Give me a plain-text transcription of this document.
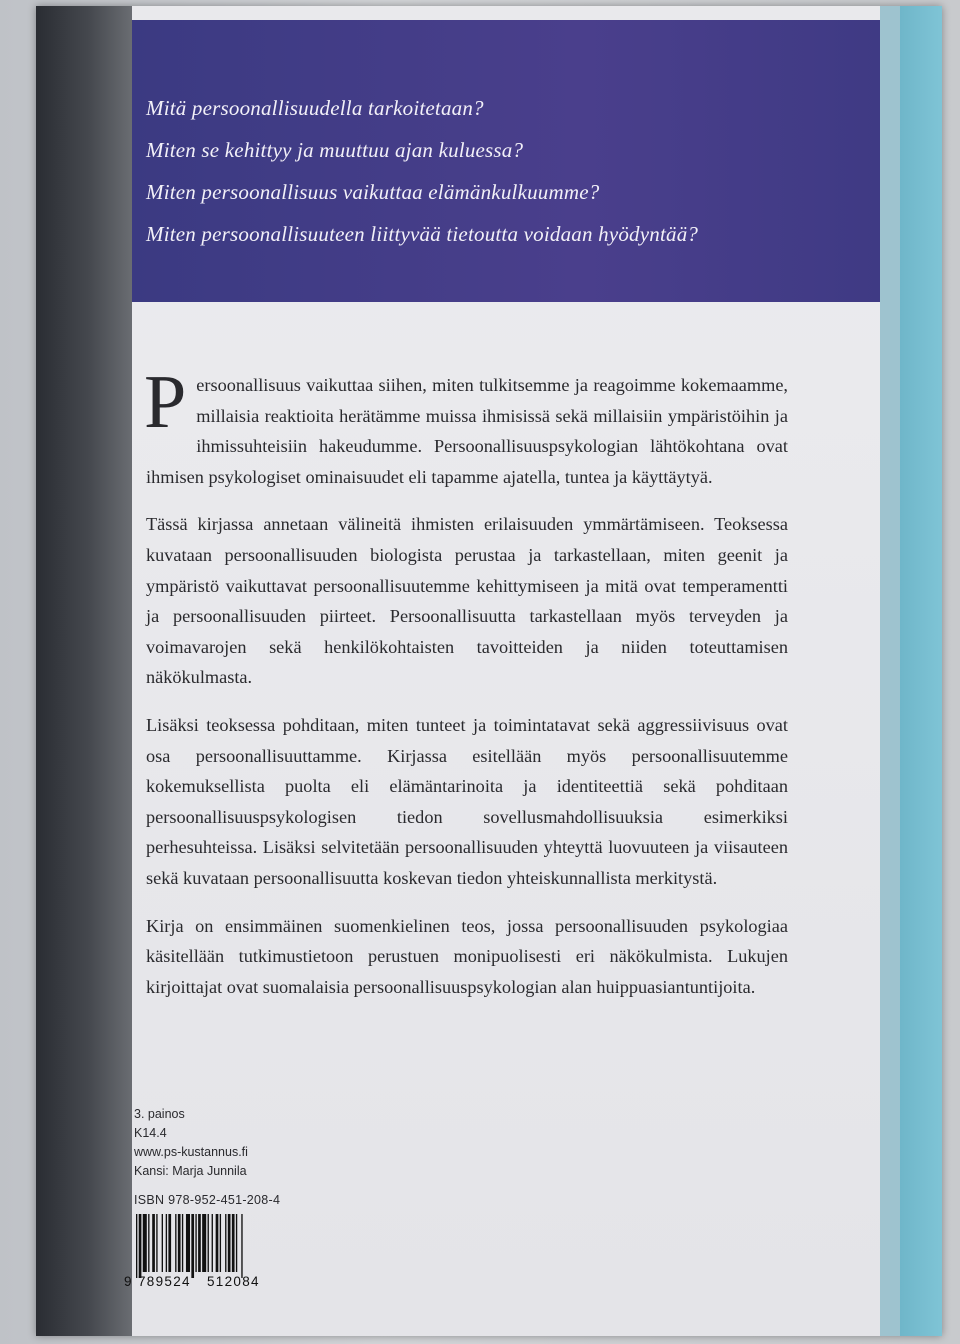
Mitä persoonallisuudella tarkoitetaan?

Miten se kehittyy ja muuttuu ajan kuluessa?

Miten persoonallisuus vaikuttaa elämänkulkuumme?

Miten persoonallisuuteen liittyvää tietoutta voidaan hyödyntää?

Persoonallisuus vaikuttaa siihen, miten tulkitsemme ja reagoimme kokemaamme, millaisia reaktioita herätämme muissa ihmisissä sekä millaisiin ympäristöihin ja ihmissuhteisiin hakeudumme. Persoonallisuuspsykologian lähtökohtana ovat ihmisen psykologiset ominaisuudet eli tapamme ajatella, tuntea ja käyttäytyä.

Tässä kirjassa annetaan välineitä ihmisten erilaisuuden ymmärtämiseen. Teoksessa kuvataan persoonallisuuden biologista perustaa ja tarkastellaan, miten geenit ja ympäristö vaikuttavat persoonallisuutemme kehittymiseen ja mitä ovat temperamentti ja persoonallisuuden piirteet. Persoonallisuutta tarkastellaan myös terveyden ja voimavarojen sekä henkilökohtaisten tavoitteiden ja niiden toteuttamisen näkökulmasta.

Lisäksi teoksessa pohditaan, miten tunteet ja toimintatavat sekä aggressiivisuus ovat osa persoonallisuuttamme. Kirjassa esitellään myös persoonallisuutemme kokemuksellista puolta eli elämäntarinoita ja identiteettiä sekä pohditaan persoonallisuuspsykologisen tiedon sovellusmahdollisuuksia esimerkiksi perhesuhteissa. Lisäksi selvitetään persoonallisuuden yhteyttä luovuuteen ja viisauteen sekä kuvataan persoonallisuutta koskevan tiedon yhteiskunnallista merkitystä.

Kirja on ensimmäinen suomenkielinen teos, jossa persoonallisuuden psykologiaa käsitellään tutkimustietoon perustuen monipuolisesti eri näkökulmista. Lukujen kirjoittajat ovat suomalaisia persoonallisuuspsykologian alan huippuasiantuntijoita.

3. painos
K14.4
www.ps-kustannus.fi
Kansi: Marja Junnila
ISBN 978-952-451-208-4
9 789524 512084
